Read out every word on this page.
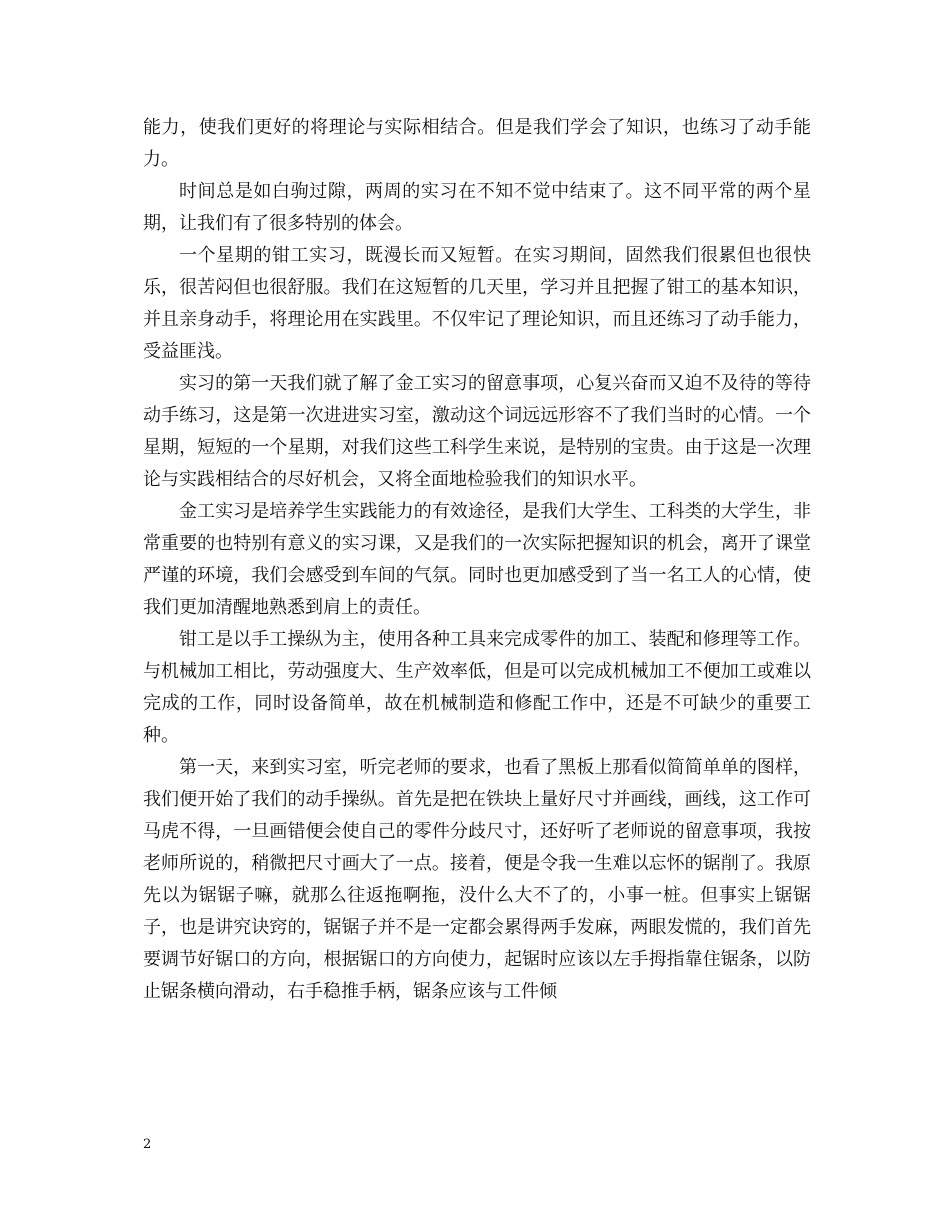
能力，使我们更好的将理论与实际相结合。但是我们学会了知识，也练习了动手能力。

时间总是如白驹过隙，两周的实习在不知不觉中结束了。这不同平常的两个星期，让我们有了很多特别的体会。

一个星期的钳工实习，既漫长而又短暂。在实习期间，固然我们很累但也很快乐，很苦闷但也很舒服。我们在这短暂的几天里，学习并且把握了钳工的基本知识，并且亲身动手，将理论用在实践里。不仅牢记了理论知识，而且还练习了动手能力，受益匪浅。

实习的第一天我们就了解了金工实习的留意事项，心复兴奋而又迫不及待的等待动手练习，这是第一次进进实习室，激动这个词远远形容不了我们当时的心情。一个星期，短短的一个星期，对我们这些工科学生来说，是特别的宝贵。由于这是一次理论与实践相结合的尽好机会，又将全面地检验我们的知识水平。

金工实习是培养学生实践能力的有效途径，是我们大学生、工科类的大学生，非常重要的也特别有意义的实习课，又是我们的一次实际把握知识的机会，离开了课堂严谨的环境，我们会感受到车间的气氛。同时也更加感受到了当一名工人的心情，使我们更加清醒地熟悉到肩上的责任。

钳工是以手工操纵为主，使用各种工具来完成零件的加工、装配和修理等工作。与机械加工相比，劳动强度大、生产效率低，但是可以完成机械加工不便加工或难以完成的工作，同时设备简单，故在机械制造和修配工作中，还是不可缺少的重要工种。

第一天，来到实习室，听完老师的要求，也看了黑板上那看似简简单单的图样，我们便开始了我们的动手操纵。首先是把在铁块上量好尺寸并画线，画线，这工作可马虎不得，一旦画错便会使自己的零件分歧尺寸，还好听了老师说的留意事项，我按老师所说的，稍微把尺寸画大了一点。接着，便是令我一生难以忘怀的锯削了。我原先以为锯锯子嘛，就那么往返拖啊拖，没什么大不了的，小事一桩。但事实上锯锯子，也是讲究诀窍的，锯锯子并不是一定都会累得两手发麻，两眼发慌的，我们首先要调节好锯口的方向，根据锯口的方向使力，起锯时应该以左手拇指靠住锯条，以防止锯条横向滑动，右手稳推手柄，锯条应该与工件倾

2
